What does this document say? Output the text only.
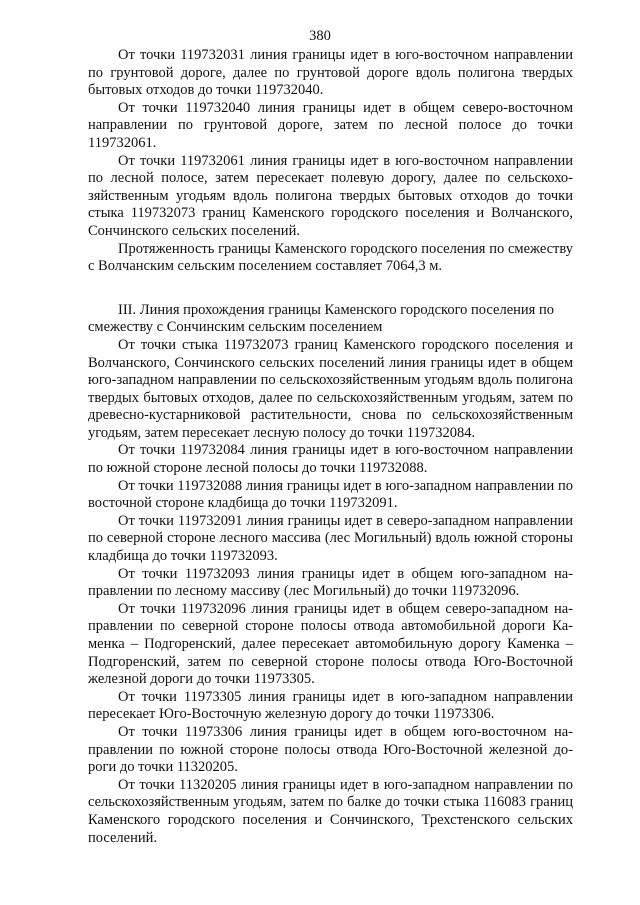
380

От точки 119732031 линия границы идет в юго-восточном направлении по грунтовой дороге, далее по грунтовой дороге вдоль полигона твердых бытовых отходов до точки 119732040.

От точки 119732040 линия границы идет в общем северо-восточном направлении по грунтовой дороге, затем по лесной полосе до точки 119732061.

От точки 119732061 линия границы идет в юго-восточном направлении по лесной полосе, затем пересекает полевую дорогу, далее по сельскохозяйственным угодьям вдоль полигона твердых бытовых отходов до точки стыка 119732073 границ Каменского городского поселения и Волчанского, Сончинского сельских поселений.

Протяженность границы Каменского городского поселения по смежеству с Волчанским сельским поселением составляет 7064,3 м.

III. Линия прохождения границы Каменского городского поселения по смежеству с Сончинским сельским поселением

От точки стыка 119732073 границ Каменского городского поселения и Волчанского, Сончинского сельских поселений линия границы идет в общем юго-западном направлении по сельскохозяйственным угодьям вдоль полигона твердых бытовых отходов, далее по сельскохозяйственным угодьям, затем по древесно-кустарниковой растительности, снова по сельскохозяйственным угодьям, затем пересекает лесную полосу до точки 119732084.

От точки 119732084 линия границы идет в юго-восточном направлении по южной стороне лесной полосы до точки 119732088.

От точки 119732088 линия границы идет в юго-западном направлении по восточной стороне кладбища до точки 119732091.

От точки 119732091 линия границы идет в северо-западном направлении по северной стороне лесного массива (лес Могильный) вдоль южной стороны кладбища до точки 119732093.

От точки 119732093 линия границы идет в общем юго-западном направлении по лесному массиву (лес Могильный) до точки 119732096.

От точки 119732096 линия границы идет в общем северо-западном направлении по северной стороне полосы отвода автомобильной дороги Каменка – Подгоренский, далее пересекает автомобильную дорогу Каменка – Подгоренский, затем по северной стороне полосы отвода Юго-Восточной железной дороги до точки 11973305.

От точки 11973305 линия границы идет в юго-западном направлении пересекает Юго-Восточную железную дорогу до точки 11973306.

От точки 11973306 линия границы идет в общем юго-восточном направлении по южной стороне полосы отвода Юго-Восточной железной дороги до точки 11320205.

От точки 11320205 линия границы идет в юго-западном направлении по сельскохозяйственным угодьям, затем по балке до точки стыка 116083 границ Каменского городского поселения и Сончинского, Трехстенского сельских поселений.
